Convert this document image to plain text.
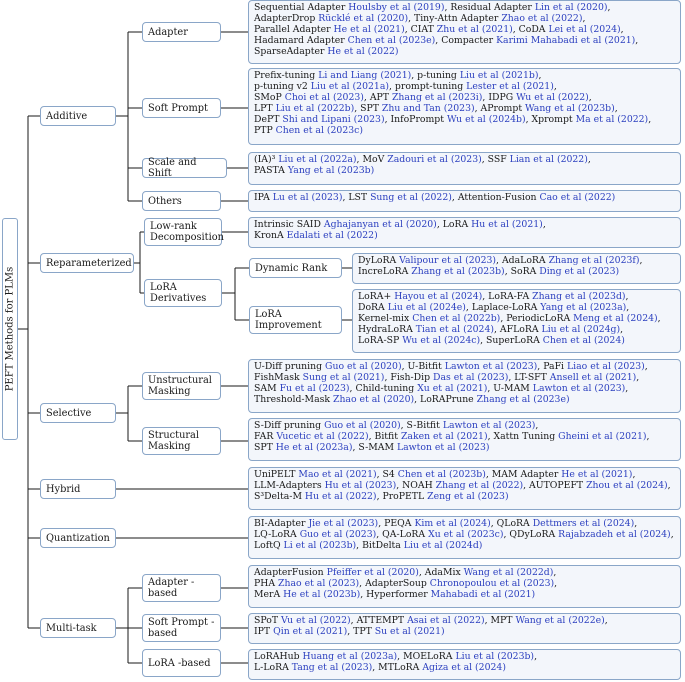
PEFT Methods for PLMs
Additive
Reparameterized
Selective
Hybrid
Quantization
Multi-task
Adapter
Soft Prompt
Scale and Shift
Others
Low-rank Decomposition
LoRA Derivatives
Unstructural Masking
Structural Masking
Adapter -based
Soft Prompt -based
LoRA -based
Dynamic Rank
LoRA Improvement
Sequential Adapter Houlsby et al (2019), Residual Adapter Lin et al (2020),
AdapterDrop Rücklé et al (2020), Tiny-Attn Adapter Zhao et al (2022),
Parallel Adapter He et al (2021), CIAT Zhu et al (2021), CoDA Lei et al (2024),
Hadamard Adapter Chen et al (2023e), Compacter Karimi Mahabadi et al (2021),
SparseAdapter He et al (2022)
Prefix-tuning Li and Liang (2021), p-tuning Liu et al (2021b),
p-tuning v2 Liu et al (2021a), prompt-tuning Lester et al (2021),
SMoP Choi et al (2023), APT Zhang et al (2023i), IDPG Wu et al (2022),
LPT Liu et al (2022b), SPT Zhu and Tan (2023), APrompt Wang et al (2023b),
DePT Shi and Lipani (2023), InfoPrompt Wu et al (2024b), Xprompt Ma et al (2022),
PTP Chen et al (2023c)
(IA)³ Liu et al (2022a), MoV Zadouri et al (2023), SSF Lian et al (2022),
PASTA Yang et al (2023b)
IPA Lu et al (2023), LST Sung et al (2022), Attention-Fusion Cao et al (2022)
Intrinsic SAID Aghajanyan et al (2020), LoRA Hu et al (2021),
KronA Edalati et al (2022)
DyLoRA Valipour et al (2023), AdaLoRA Zhang et al (2023f),
IncreLoRA Zhang et al (2023b), SoRA Ding et al (2023)
LoRA+ Hayou et al (2024), LoRA-FA Zhang et al (2023d),
DoRA Liu et al (2024e), Laplace-LoRA Yang et al (2023a),
Kernel-mix Chen et al (2022b), PeriodicLoRA Meng et al (2024),
HydraLoRA Tian et al (2024), AFLoRA Liu et al (2024g),
LoRA-SP Wu et al (2024c), SuperLoRA Chen et al (2024)
U-Diff pruning Guo et al (2020), U-Bitfit Lawton et al (2023), PaFi Liao et al (2023),
FishMask Sung et al (2021), Fish-Dip Das et al (2023), LT-SFT Ansell et al (2021),
SAM Fu et al (2023), Child-tuning Xu et al (2021), U-MAM Lawton et al (2023),
Threshold-Mask Zhao et al (2020), LoRAPrune Zhang et al (2023e)
S-Diff pruning Guo et al (2020), S-Bitfit Lawton et al (2023),
FAR Vucetic et al (2022), Bitfit Zaken et al (2021), Xattn Tuning Gheini et al (2021),
SPT He et al (2023a), S-MAM Lawton et al (2023)
UniPELT Mao et al (2021), S4 Chen et al (2023b), MAM Adapter He et al (2021),
LLM-Adapters Hu et al (2023), NOAH Zhang et al (2022), AUTOPEFT Zhou et al (2024),
S³Delta-M Hu et al (2022), ProPETL Zeng et al (2023)
BI-Adapter Jie et al (2023), PEQA Kim et al (2024), QLoRA Dettmers et al (2024),
LQ-LoRA Guo et al (2023), QA-LoRA Xu et al (2023c), QDyLoRA Rajabzadeh et al (2024),
LoftQ Li et al (2023b), BitDelta Liu et al (2024d)
AdapterFusion Pfeiffer et al (2020), AdaMix Wang et al (2022d),
PHA Zhao et al (2023), AdapterSoup Chronopoulou et al (2023),
MerA He et al (2023b), Hyperformer Mahabadi et al (2021)
SPoT Vu et al (2022), ATTEMPT Asai et al (2022), MPT Wang et al (2022e),
IPT Qin et al (2021), TPT Su et al (2021)
LoRAHub Huang et al (2023a), MOELoRA Liu et al (2023b),
L-LoRA Tang et al (2023), MTLoRA Agiza et al (2024)
